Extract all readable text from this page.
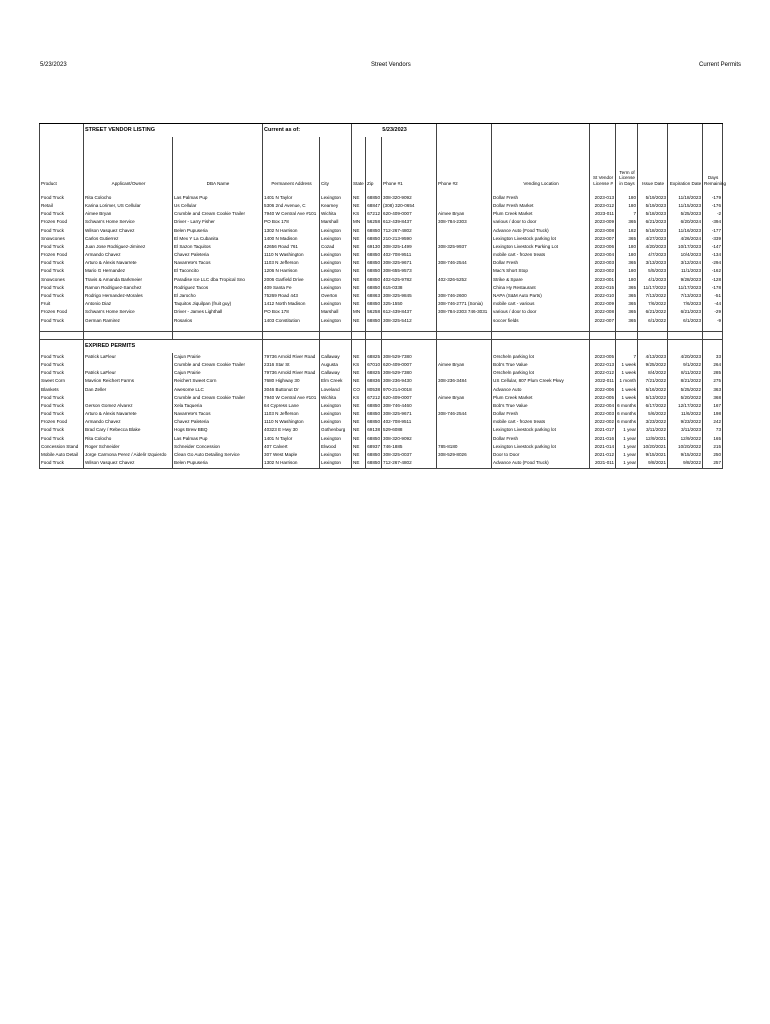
5/23/2023	Street Vendors	Current Permits
	STREET VENDOR LISTING		Current as of:		5/23/2023									
Product	Applicant/Owner	DBA Name	Permanent Address	City	State	Zip	Phone #1	Phone #2	Vending Location	St Vendor License #	Term of License in Days	Issue Date	Expiration Date	Days Remaining

Food Truck	Rita Colocho	Las Palmas Pup	1401 N Taylor	Lexington	NE	68850	308-320-9092		Dollar Fresh	2023-013	180	5/19/2023	11/18/2023	-179
Retail	Karina Lorimer, US Cellular	Us Cellular	5306 2nd Avenue, C	Kearney	NE	68847	(308) 320-0654		Dollar Fresh Market	2023-012	180	5/19/2023	11/15/2023	-176
Food Truck	Aimee Bryan	Crumble and Cream Cookie Trailer	7940 W Central Ave #101	Wichita	KS	67212	620-409-0007	Aimee Bryan	Plum Creek Market	2023-011	7	5/18/2023	5/25/2023	-2
Frozen Food	Schwan's Home Service	Driver - Larry Fisher	PO Box 178	Marshall	MN	56258	612-439-8437	308-784-2303	various / door to door	2023-009	365	6/21/2023	6/20/2024	-394
Food Truck	Wilson Vasquez Chavez	Belen Pupuseria	1302 N Harrison	Lexington	NE	68850	712-267-4802		Advance Auto (Food Truck)	2023-008	182	5/18/2023	11/16/2023	-177
Snowcones	Carlos Gutierrez	El Mex Y La Cubanita	1400 N Madison	Lexington	NE	68850	210-213-9590		Lexington Livestock parking lot	2023-007	365	4/27/2023	4/26/2024	-339
Food Truck	Juan Jose Rodriguez-Jiminez	El Sazon Taquitos	42656 Road 761	Cozad	NE	69130	308-325-1499	308-325-9937	Lexington Livestock Parking Lot	2023-006	180	4/20/2023	10/17/2023	-147
Frozen Food	Armando Chavez	Chavez Paleteria	1110 N Washington	Lexington	NE	68850	402-708-9511		mobile cart - frozen treats	2023-004	180	4/7/2023	10/4/2023	-134
Food Truck	Arturo & Alexis Navarrete	Navarrete's Tacos	1103 N Jefferson	Lexington	NE	68850	308-325-9671	308-746-2544	Dollar Fresh	2023-003	365	3/13/2023	3/12/2024	-294
Food Truck	Mario G Hernandez	El Taconcito	1206 N Harrison	Lexington	NE	68850	308-655-9573		Mac's Short Stop	2023-002	180	5/5/2023	11/1/2023	-162
Snowcones	Travis & Amanda Barkmeier	Paradise Ice LLC dba Tropical Sno	2006 Garfield Drive	Lexington	NE	68850	402-525-9782	402-326-5252	Strike & Spare	2023-001	180	4/1/2023	9/28/2023	-128
Food Truck	Ramon Rodriguez-Sanchez	Rodriguez Tacos	409 Santa Fe	Lexington	NE	68850	615-0338		China Hy Restaurant	2022-015	365	11/17/2022	11/17/2023	-178
Food Truck	Rodrigo Hernandez-Morales	El Jarocho	75269 Road 443	Overton	NE	68863	308-325-9845	308-746-2600	NAPA (S&M Auto Parts)	2022-010	365	7/13/2022	7/13/2023	-51
Fruit	Antonio Diaz	Taquitos Jiquilpan (fruit guy)	1412 North Madison	Lexington	NE	68850	325-1550	308-746-2771 (Sonia)	mobile cart - various	2022-009	365	7/6/2022	7/6/2023	-44
Frozen Food	Schwan's Home Service	Driver - James Lighthall	PO Box 178	Marshall	MN	56258	612-439-8437	308-784-2303 746-3031	various / door to door	2022-008	365	6/21/2022	6/21/2023	-29
Food Truck	German Ramirez	Rosarios	1403 Constitution	Lexington	NE	68850	308-325-5412		soccer fields	2022-007	365	6/1/2022	6/1/2023	-9

	EXPIRED PERMITS													
Food Truck	Patrick LaFleur	Cajun Prairie	79736 Arnold River Road	Callaway	NE	68825	308-529-7380		Orscheln parking lot	2023-005	7	4/13/2023	4/20/2023	33
Food Truck		Crumble and Cream Cookie Trailer	2316 Star St	Augusta	KS	67010	620-409-0007	Aimee Bryan	Bob's True Value	2022-013	1 week	9/25/2022	9/1/2022	264
Food Truck	Patrick LaFleur	Cajun Prairie	79736 Arnold River Road	Callaway	NE	68825	308-529-7380		Orscheln parking lot	2022-012	1 week	8/4/2022	8/11/2022	285
Sweet Corn	Mavrion Reichert Farms	Reichert Sweet Corn	7680 Highway 30	Elm Creek	NE	68836	308-236-9430	308-236-3484	US Cellular, 807 Plum Creek Pkwy	2022-011	1 month	7/21/2022	8/21/2022	275
Blankets	Dan Zeller	Awesome LLC	3046 Buttonut Dr	Loveland	CO	80538	970-214-0018		Advance Auto	2022-006	1 week	5/16/2022	5/25/2022	363
Food Truck		Crumble and Cream Cookie Trailer	7940 W Central Ave #101	Wichita	KS	67212	620-409-0007	Aimee Bryan	Plum Creek Market	2022-005	1 week	5/13/2022	5/20/2022	368
Food Truck	Gerson Gomez Alvarez	Xela Taqueria	64 Cypress Lane	Lexington	NE	68850	308-746-4460		Bob's True Value	2022-004	6 months	6/17/2022	12/17/2022	167
Food Truck	Arturo & Alexis Navarrete	Navarrete's Tacos	1103 N Jefferson	Lexington	NE	68850	308-325-9671	308-746-2544	Dollar Fresh	2022-003	6 months	5/6/2022	11/6/2022	198
Frozen Food	Armando Chavez	Chavez Paleteria	1110 N Washington	Lexington	NE	68850	402-708-9511		mobile cart - frozen treats	2022-002	6 months	3/23/2022	9/23/2022	242
Food Truck	Brad Cary / Rebecca Blake	Hogs Brew BBQ	40323 E Hwy 30	Gothenburg	NE	69138	529-6088		Lexington Livestock parking lot	2021-017	1 year	3/11/2022	3/11/2023	73
Food Truck	Rita Colocho	Las Palmas Pup	1401 N Taylor	Lexington	NE	68850	308-320-9092		Dollar Fresh	2021-016	1 year	12/9/2021	12/9/2022	165
Concession Stand	Roger Schneider	Schneider Concession	407 Calvert	Elwood	NE	68937	746-1885	785-8180	Lexington Livestock parking lot	2021-014	1 year	10/20/2021	10/20/2022	215
Mobile Auto Detail	Jorge Carmona Perez / Aidelir Izquierdo	Clean Go Auto Detailing Service	307 West Maple	Lexington	NE	68850	308-325-0037	308-529-8026	Door to Door	2021-012	1 year	9/15/2021	9/15/2022	250
Food Truck	Wilson Vasquez Chavez	Belen Pupuseria	1302 N Harrison	Lexington	NE	68850	712-267-4802		Advance Auto (Food Truck)	2021-011	1 year	9/8/2021	9/8/2022	257
